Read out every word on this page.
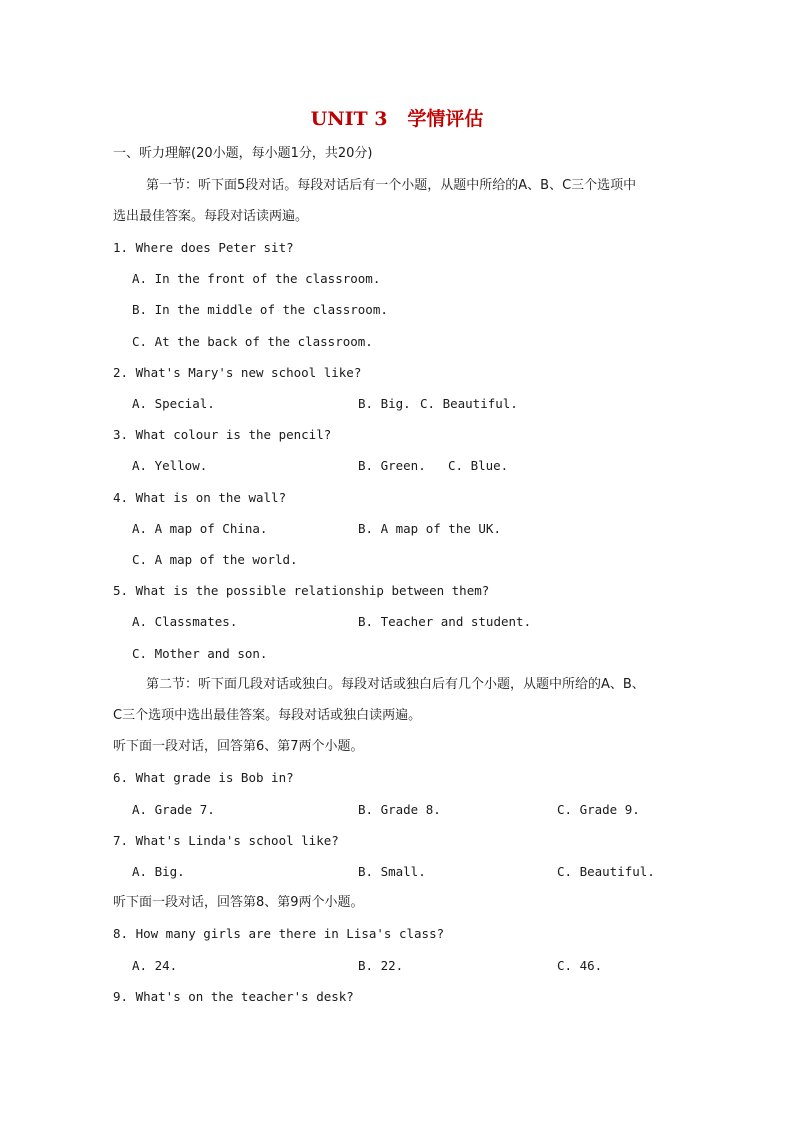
UNIT 3   学情评估
一、听力理解(20小题，每小题1分，共20分)
第一节：听下面5段对话。每段对话后有一个小题，从题中所给的A、B、C三个选项中
选出最佳答案。每段对话读两遍。
1. Where does Peter sit?
A. In the front of the classroom.
B. In the middle of the classroom.
C. At the back of the classroom.
2. What's Mary's new school like?
A. Special.	B. Big. C. Beautiful.
3. What colour is the pencil?
A. Yellow.	B. Green. C. Blue.
4. What is on the wall?
A. A map of China.	B. A map of the UK.
C. A map of the world.
5. What is the possible relationship between them?
A. Classmates.	B. Teacher and student.
C. Mother and son.
第二节：听下面几段对话或独白。每段对话或独白后有几个小题，从题中所给的A、B、
C三个选项中选出最佳答案。每段对话或独白读两遍。
听下面一段对话，回答第6、第7两个小题。
6. What grade is Bob in?
A. Grade 7.	B. Grade 8.	C. Grade 9.
7. What's Linda's school like?
A. Big.	B. Small.	C. Beautiful.
听下面一段对话，回答第8、第9两个小题。
8. How many girls are there in Lisa's class?
A. 24.	B. 22.	C. 46.
9. What's on the teacher's desk?
